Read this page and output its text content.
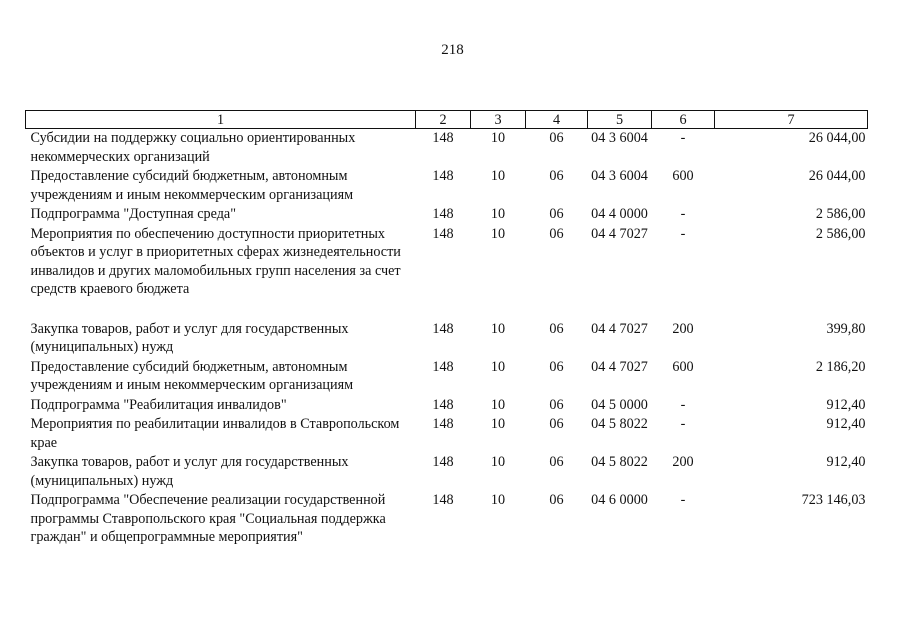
218
1	2	3	4	5	6	7
Субсидии на поддержку социально ориентированных некоммерческих организаций	148	10	06	04 3 6004	-	26 044,00
Предоставление субсидий бюджетным, автономным учреждениям и иным некоммерческим организациям	148	10	06	04 3 6004	600	26 044,00
Подпрограмма "Доступная среда"	148	10	06	04 4 0000	-	2 586,00
Мероприятия по обеспечению доступности приоритетных объектов и услуг в приоритетных сферах жизнедеятельности инвалидов и других маломобильных групп населения за счет средств краевого бюджета	148	10	06	04 4 7027	-	2 586,00
Закупка товаров, работ и услуг для государственных (муниципальных) нужд	148	10	06	04 4 7027	200	399,80
Предоставление субсидий бюджетным, автономным учреждениям и иным некоммерческим организациям	148	10	06	04 4 7027	600	2 186,20
Подпрограмма "Реабилитация инвалидов"	148	10	06	04 5 0000	-	912,40
Мероприятия по реабилитации инвалидов в Ставропольском крае	148	10	06	04 5 8022	-	912,40
Закупка товаров, работ и услуг для государственных (муниципальных) нужд	148	10	06	04 5 8022	200	912,40
Подпрограмма "Обеспечение реализации государственной программы Ставропольского края "Социальная поддержка граждан" и общепрограммные мероприятия"	148	10	06	04 6 0000	-	723 146,03
